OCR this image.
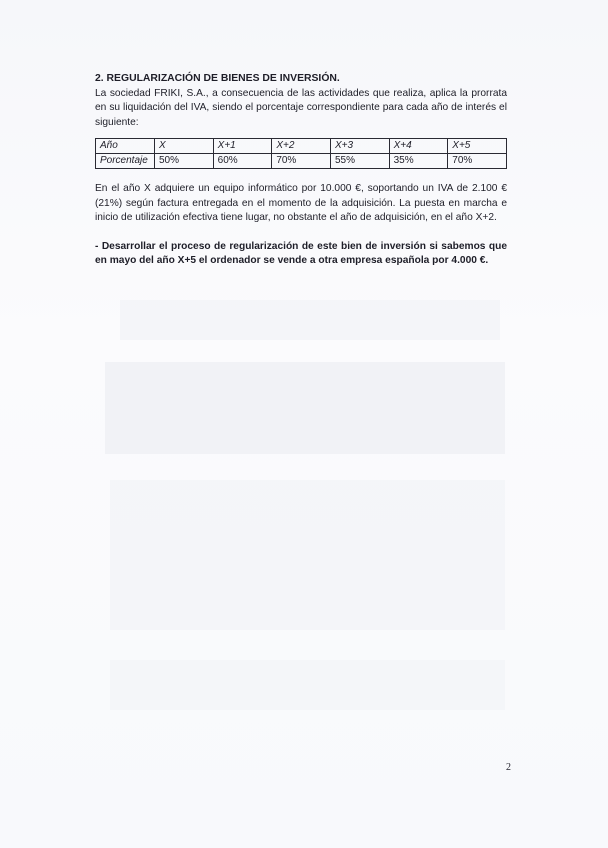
2. REGULARIZACIÓN DE BIENES DE INVERSIÓN.

La sociedad FRIKI, S.A., a consecuencia de las actividades que realiza, aplica la prorrata en su liquidación del IVA, siendo el porcentaje correspondiente para cada año de interés el siguiente:

Año	X	X+1	X+2	X+3	X+4	X+5
Porcentaje	50%	60%	70%	55%	35%	70%

En el año X adquiere un equipo informático por 10.000 €, soportando un IVA de 2.100 € (21%) según factura entregada en el momento de la adquisición. La puesta en marcha e inicio de utilización efectiva tiene lugar, no obstante el año de adquisición, en el año X+2.

- Desarrollar el proceso de regularización de este bien de inversión si sabemos que en mayo del año X+5 el ordenador se vende a otra empresa española por 4.000 €.

2
